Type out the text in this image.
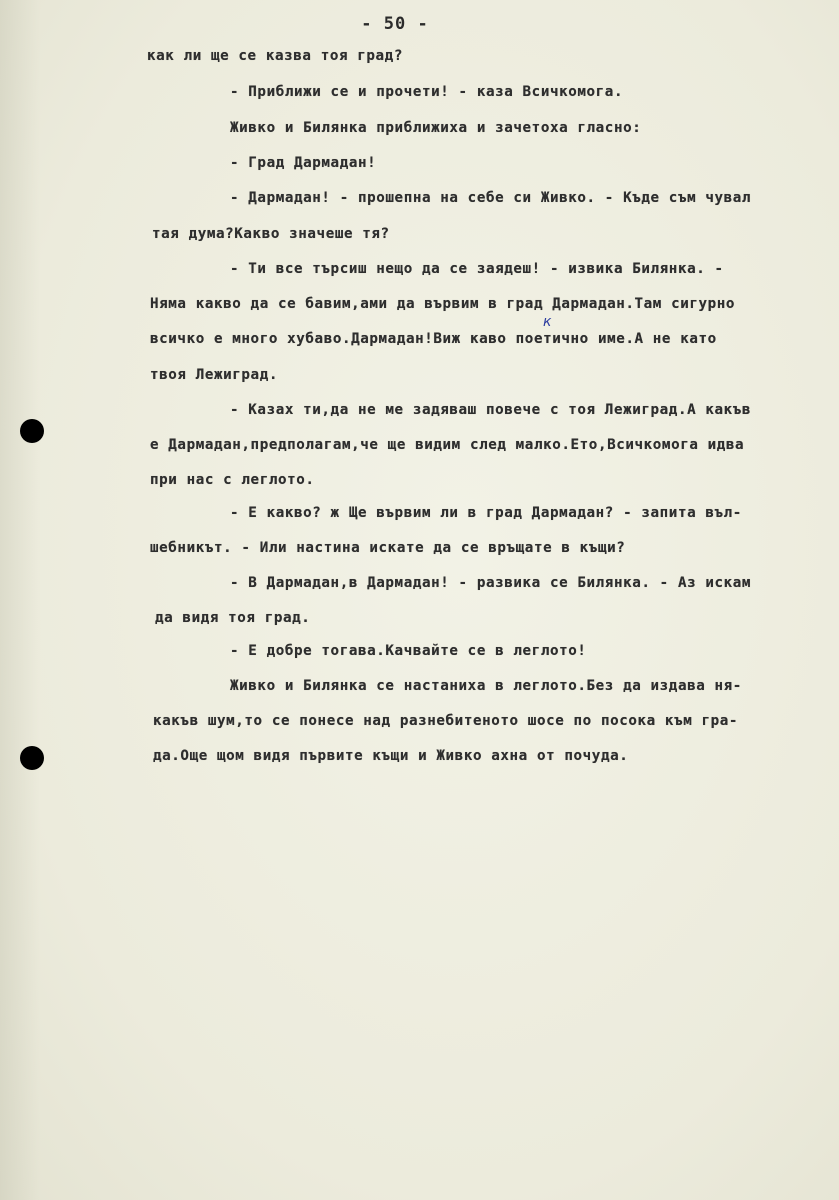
- 50 -
как ли ще се казва тоя град?
- Приближи се и прочети! - каза Всичкомога.
Живко и Билянка приближиха и зачетоха гласно:
- Град Дармадан!
- Дармадан! - прошепна на себе си Живко. - Къде съм чувал
тая дума?Какво значеше тя?
- Ти все търсиш нещо да се заядеш! - извика Билянка. -
Няма какво да се бавим,ами да вървим в град Дармадан.Там сигурно
всичко е много хубаво.Дармадан!Виж каво поетично име.А не като
твоя Лежиград.
- Казах ти,да не ме задяваш повече с тоя Лежиград.А какъв
е Дармадан,предполагам,че ще видим след малко.Ето,Всичкомога идва
при нас с леглото.
- Е какво? ж Ще вървим ли в град Дармадан? - запита въл-
шебникът. - Или настина искате да се връщате в къщи?
- В Дармадан,в Дармадан! - развика се Билянка. - Аз искам
да видя тоя град.
- Е добре тогава.Качвайте се в леглото!
Живко и Билянка се настаниха в леглото.Без да издава ня-
какъв шум,то се понесе над разнебитеното шосе по посока към гра-
да.Още щом видя първите къщи и Живко ахна от почуда.
к
